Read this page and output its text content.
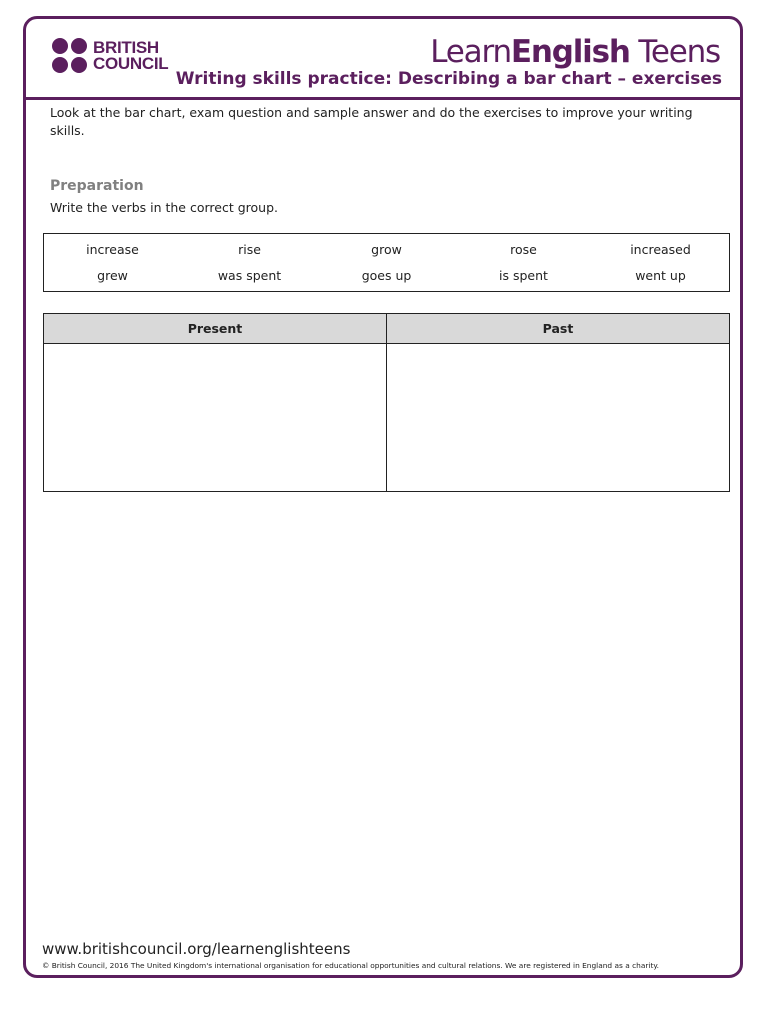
BRITISH
COUNCIL	LearnEnglish Teens
Writing skills practice: Describing a bar chart – exercises
Look at the bar chart, exam question and sample answer and do the exercises to improve your writing skills.
Preparation
Write the verbs in the correct group.
increase	rise	grow	rose	increased
grew	was spent	goes up	is spent	went up
Present	Past

www.britishcouncil.org/learnenglishteens
© British Council, 2016 The United Kingdom's international organisation for educational opportunities and cultural relations. We are registered in England as a charity.
